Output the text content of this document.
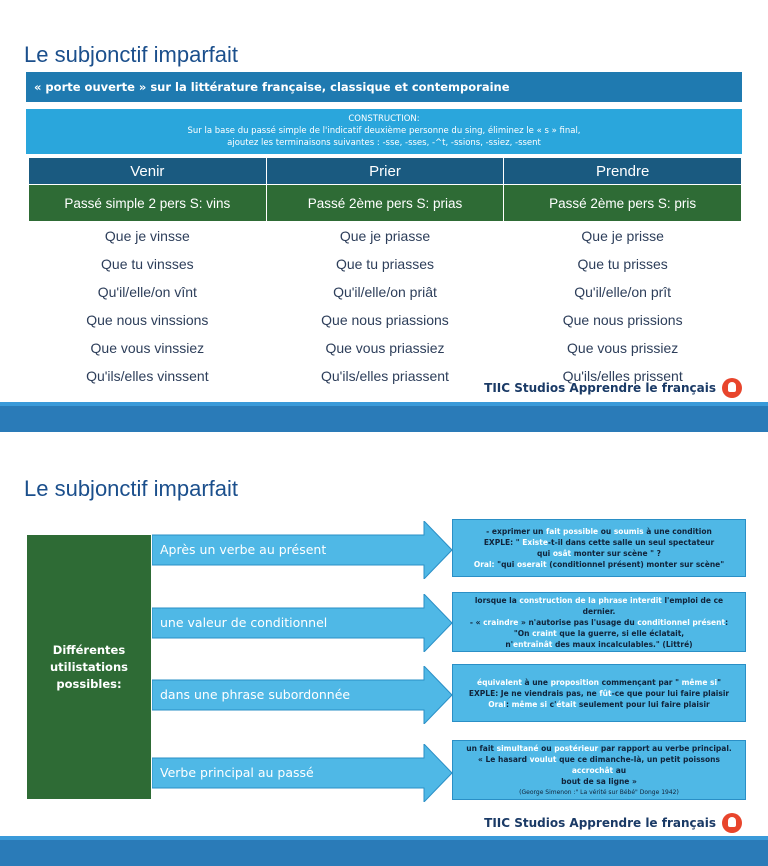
Le subjonctif imparfait
« porte ouverte » sur la littérature française, classique et contemporaine
CONSTRUCTION:
Sur la base du passé simple de l'indicatif deuxième personne du sing, éliminez le « s » final,
ajoutez les terminaisons suivantes : -sse, -sses, -^t, -ssions, -ssiez, -ssent
Venir	Prier	Prendre
Passé simple 2 pers S: vins	Passé 2ème pers S: prias	Passé 2ème pers S: pris
Que je vinsse	Que je priasse	Que je prisse
Que tu vinsses	Que tu priasses	Que tu prisses
Qu'il/elle/on vînt	Qu'il/elle/on priât	Qu'il/elle/on prît
Que nous vinssions	Que nous priassions	Que nous prissions
Que vous vinssiez	Que vous priassiez	Que vous prissiez
Qu'ils/elles vinssent	Qu'ils/elles priassent	Qu'ils/elles prissent
TIIC Studios Apprendre le français
Le subjonctif imparfait
Différentes utilistations possibles:
Après un verbe au présent
- exprimer un fait possible ou soumis à une condition
EXPLE: " Existe-t-il dans cette salle un seul spectateur
qui osât monter sur scène " ?
Oral: "qui oserait (conditionnel présent) monter sur scène"
une valeur de conditionnel
lorsque la construction de la phrase interdit l'emploi de ce dernier.
- « craindre » n'autorise pas l'usage du conditionnel présent:
"On craint que la guerre, si elle éclatait,
n'entraînât des maux incalculables." (Littré)
dans une phrase subordonnée
équivalent à une proposition commençant par " même si"
EXPLE: Je ne viendrais pas, ne fût-ce que pour lui faire plaisir
Oral: même si c'était seulement pour lui faire plaisir
Verbe principal au passé
un fait simultané ou postérieur par rapport au verbe principal.
« Le hasard voulut que ce dimanche-là, un petit poissons accrochât au
bout de sa ligne »
(George Simenon :" La vérité sur Bébé" Donge 1942)
TIIC Studios Apprendre le français
